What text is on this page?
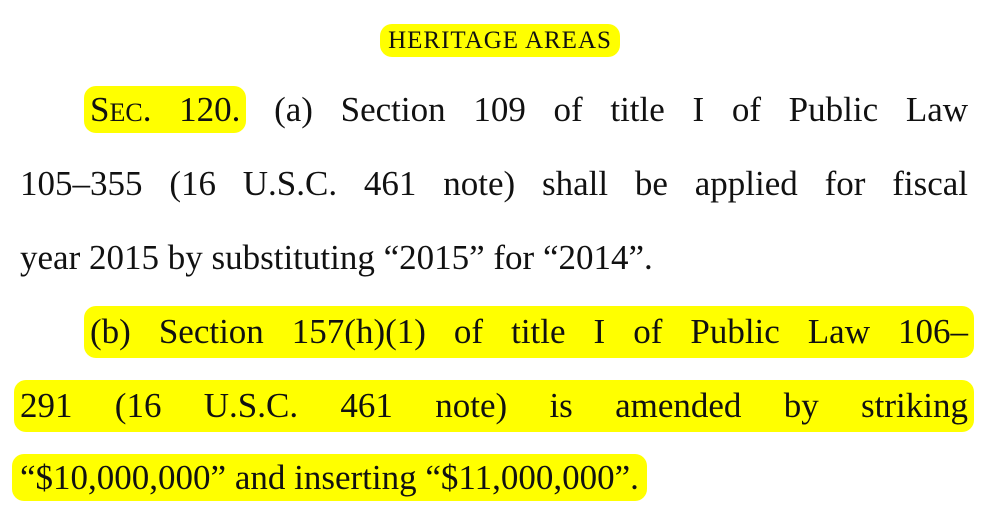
HERITAGE AREAS
SEC. 120. (a) Section 109 of title I of Public Law
105–355 (16 U.S.C. 461 note) shall be applied for fiscal
year 2015 by substituting “2015” for “2014”.
(b) Section 157(h)(1) of title I of Public Law 106–
291 (16 U.S.C. 461 note) is amended by striking
“$10,000,000” and inserting “$11,000,000”.
